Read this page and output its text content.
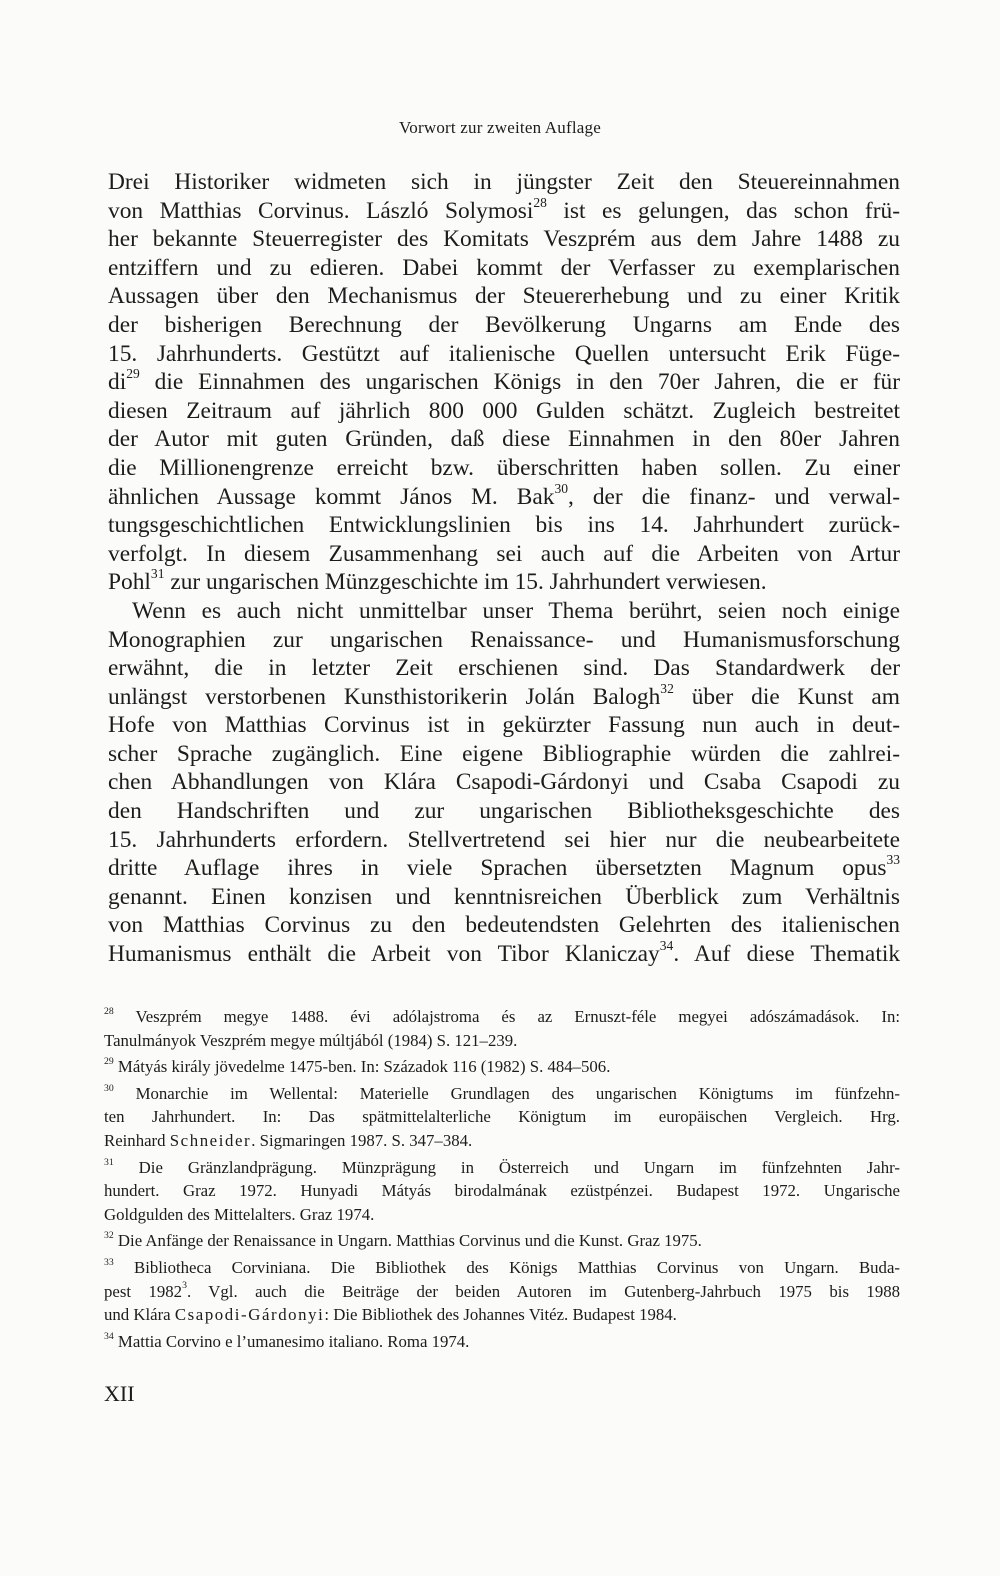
Vorwort zur zweiten Auflage
Drei Historiker widmeten sich in jüngster Zeit den Steuereinnahmen
von Matthias Corvinus. László Solymosi$^{28}$ ist es gelungen, das schon frü-
her bekannte Steuerregister des Komitats Veszprém aus dem Jahre 1488 zu
entziffern und zu edieren. Dabei kommt der Verfasser zu exemplarischen
Aussagen über den Mechanismus der Steuererhebung und zu einer Kritik
der bisherigen Berechnung der Bevölkerung Ungarns am Ende des
15. Jahrhunderts. Gestützt auf italienische Quellen untersucht Erik Füge-
$di^{29}$ die Einnahmen des ungarischen Königs in den 70er Jahren, die er für
diesen Zeitraum auf jährlich 800 000 Gulden schätzt. Zugleich bestreitet
der Autor mit guten Gründen, daß diese Einnahmen in den 80er Jahren
die Millionengrenze erreicht bzw. überschritten haben sollen. Zu einer
ähnlichen Aussage kommt János M. Bak$^{30}$, der die finanz- und verwal-
tungsgeschichtlichen Entwicklungslinien bis ins 14. Jahrhundert zurück-
verfolgt. In diesem Zusammenhang sei auch auf die Arbeiten von Artur
Pohl$^{31}$ zur ungarischen Münzgeschichte im 15. Jahrhundert verwiesen.
Wenn es auch nicht unmittelbar unser Thema berührt, seien noch einige
Monographien zur ungarischen Renaissance- und Humanismusforschung
erwähnt, die in letzter Zeit erschienen sind. Das Standardwerk der
unlängst verstorbenen Kunsthistorikerin Jolán Balogh$^{32}$ über die Kunst am
Hofe von Matthias Corvinus ist in gekürzter Fassung nun auch in deut-
scher Sprache zugänglich. Eine eigene Bibliographie würden die zahlrei-
chen Abhandlungen von Klára Csapodi-Gárdonyi und Csaba Csapodi zu
den Handschriften und zur ungarischen Bibliotheksgeschichte des
15. Jahrhunderts erfordern. Stellvertretend sei hier nur die neubearbeitete
dritte Auflage ihres in viele Sprachen übersetzten Magnum opus$^{33}$
genannt. Einen konzisen und kenntnisreichen Überblick zum Verhältnis
von Matthias Corvinus zu den bedeutendsten Gelehrten des italienischen
Humanismus enthält die Arbeit von Tibor Klaniczay$^{34}$. Auf diese Thematik
$^{28}$ Veszprém megye 1488. évi adólajstroma és az Ernuszt-féle megyei adószámadások. In:
Tanulmányok Veszprém megye múltjából (1984) S. 121–239.
$^{29}$ Mátyás király jövedelme 1475-ben. In: Századok 116 (1982) S. 484–506.
$^{30}$ Monarchie im Wellental: Materielle Grundlagen des ungarischen Königtums im fünfzehn-
ten Jahrhundert. In: Das spätmittelalterliche Königtum im europäischen Vergleich. Hrg.
Reinhard Schneider. Sigmaringen 1987. S. 347–384.
$^{31}$ Die Gränzlandprägung. Münzprägung in Österreich und Ungarn im fünfzehnten Jahr-
hundert. Graz 1972. Hunyadi Mátyás birodalmának ezüstpénzei. Budapest 1972. Ungarische
Goldgulden des Mittelalters. Graz 1974.
$^{32}$ Die Anfänge der Renaissance in Ungarn. Matthias Corvinus und die Kunst. Graz 1975.
$^{33}$ Bibliotheca Corviniana. Die Bibliothek des Königs Matthias Corvinus von Ungarn. Buda-
pest 1982$^3$. Vgl. auch die Beiträge der beiden Autoren im Gutenberg-Jahrbuch 1975 bis 1988
und Klára Csapodi-Gárdonyi: Die Bibliothek des Johannes Vitéz. Budapest 1984.
$^{34}$ Mattia Corvino e l’umanesimo italiano. Roma 1974.
XII
